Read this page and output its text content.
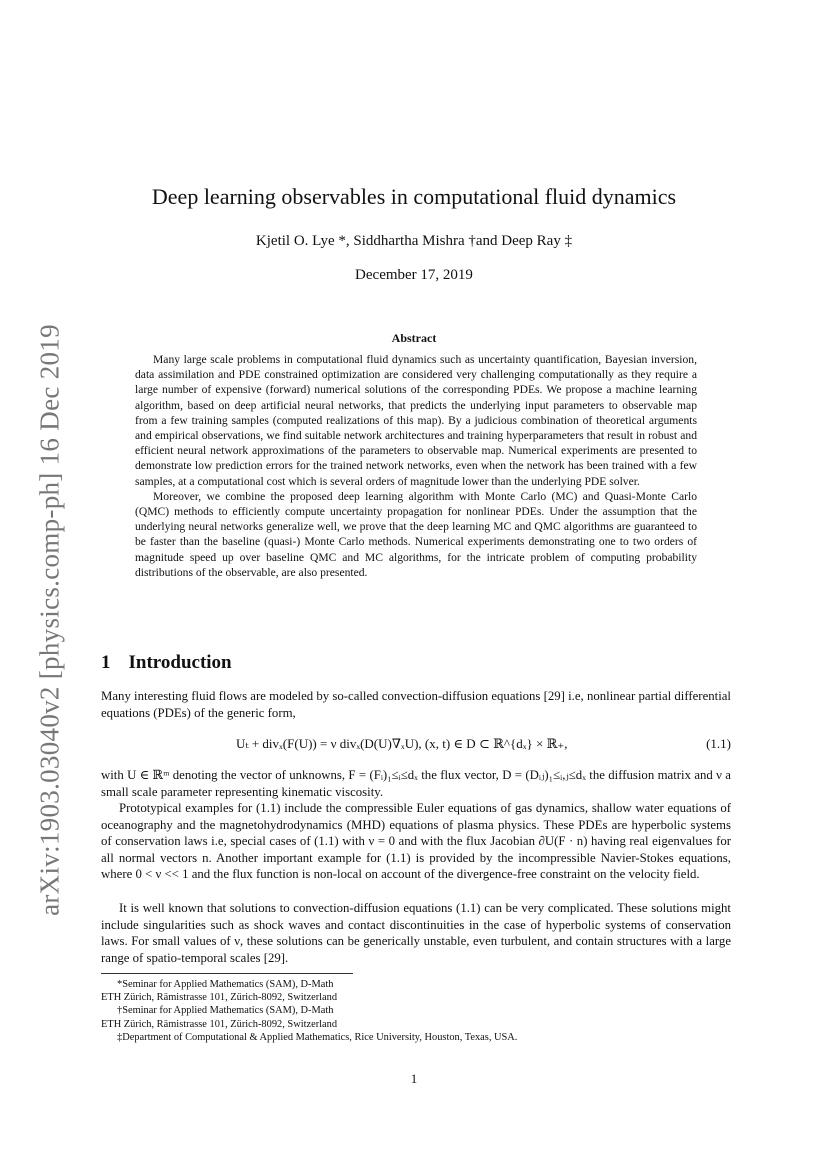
arXiv:1903.03040v2 [physics.comp-ph] 16 Dec 2019
Deep learning observables in computational fluid dynamics
Kjetil O. Lye *, Siddhartha Mishra †and Deep Ray ‡
December 17, 2019
Abstract

Many large scale problems in computational fluid dynamics such as uncertainty quantification, Bayesian inversion, data assimilation and PDE constrained optimization are considered very challenging computationally as they require a large number of expensive (forward) numerical solutions of the corresponding PDEs. We propose a machine learning algorithm, based on deep artificial neural networks, that predicts the underlying input parameters to observable map from a few training samples (computed realizations of this map). By a judicious combination of theoretical arguments and empirical observations, we find suitable network architectures and training hyperparameters that result in robust and efficient neural network approximations of the parameters to observable map. Numerical experiments are presented to demonstrate low prediction errors for the trained network networks, even when the network has been trained with a few samples, at a computational cost which is several orders of magnitude lower than the underlying PDE solver.

Moreover, we combine the proposed deep learning algorithm with Monte Carlo (MC) and Quasi-Monte Carlo (QMC) methods to efficiently compute uncertainty propagation for nonlinear PDEs. Under the assumption that the underlying neural networks generalize well, we prove that the deep learning MC and QMC algorithms are guaranteed to be faster than the baseline (quasi-) Monte Carlo methods. Numerical experiments demonstrating one to two orders of magnitude speed up over baseline QMC and MC algorithms, for the intricate problem of computing probability distributions of the observable, are also presented.

1 Introduction

Many interesting fluid flows are modeled by so-called convection-diffusion equations [29] i.e, nonlinear partial differential equations (PDEs) of the generic form,

Uₜ + divₓ(F(U)) = ν divₓ(D(U)∇ₓU), (x, t) ∈ D ⊂ ℝ^{dₓ} × ℝ₊,	(1.1)

with U ∈ ℝᵐ denoting the vector of unknowns, F = (Fᵢ)₁≤ᵢ≤dₓ the flux vector, D = (Dᵢⱼ)₁≤ᵢ,ⱼ≤dₓ the diffusion matrix and ν a small scale parameter representing kinematic viscosity.

Prototypical examples for (1.1) include the compressible Euler equations of gas dynamics, shallow water equations of oceanography and the magnetohydrodynamics (MHD) equations of plasma physics. These PDEs are hyperbolic systems of conservation laws i.e, special cases of (1.1) with ν = 0 and with the flux Jacobian ∂U(F · n) having real eigenvalues for all normal vectors n. Another important example for (1.1) is provided by the incompressible Navier-Stokes equations, where 0 < ν << 1 and the flux function is non-local on account of the divergence-free constraint on the velocity field.

It is well known that solutions to convection-diffusion equations (1.1) can be very complicated. These solutions might include singularities such as shock waves and contact discontinuities in the case of hyperbolic systems of conservation laws. For small values of ν, these solutions can be generically unstable, even turbulent, and contain structures with a large range of spatio-temporal scales [29].

*Seminar for Applied Mathematics (SAM), D-Math

ETH Zürich, Rämistrasse 101, Zürich-8092, Switzerland

†Seminar for Applied Mathematics (SAM), D-Math

ETH Zürich, Rämistrasse 101, Zürich-8092, Switzerland

‡Department of Computational & Applied Mathematics, Rice University, Houston, Texas, USA.

1
